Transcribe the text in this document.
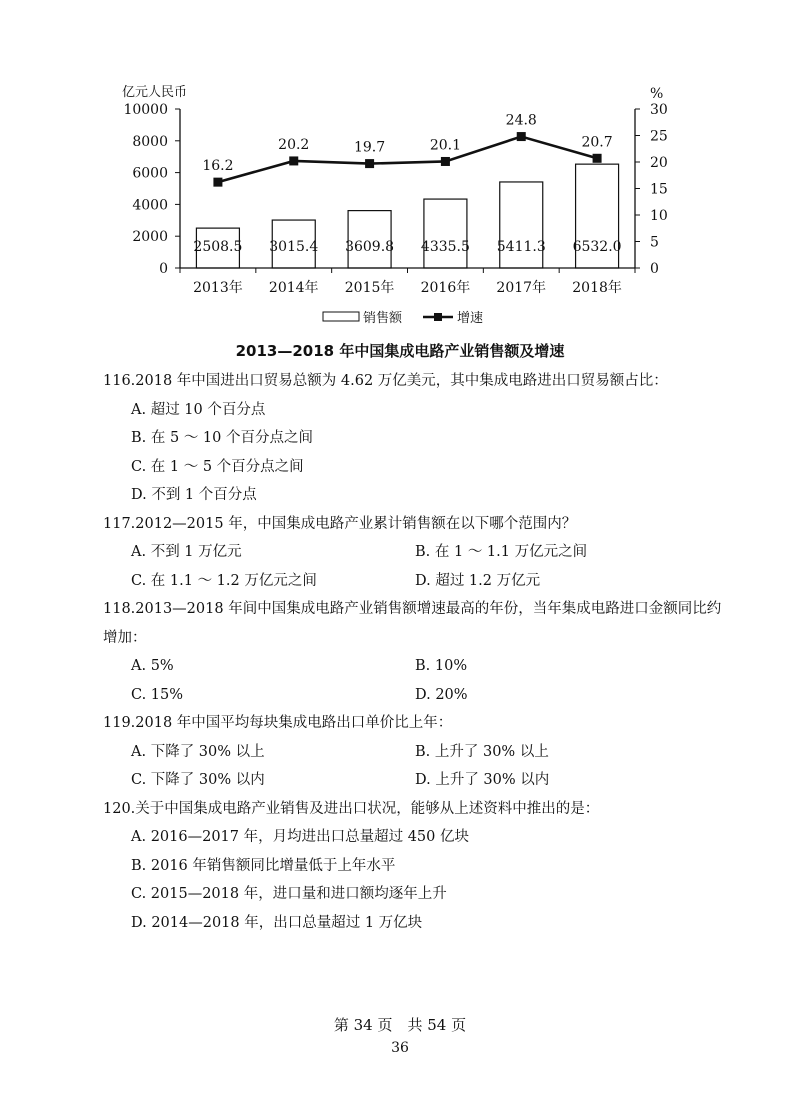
2508.5 3015.4 3609.8 4335.5 5411.3 6532.0
16.2
20.2	19.7	20.1
24.8
20.7
0
2000
4000
6000
8000
10000
0
5
10
15
20
25
30
2013年 2014年 2015年 2016年 2017年 2018年
亿元人民币	%
销售额	增速
2013—2018 年中国集成电路产业销售额及增速
116.2018 年中国进出口贸易总额为 4.62 万亿美元，其中集成电路进出口贸易额占比：
A. 超过 10 个百分点
B. 在 5 ～ 10 个百分点之间
C. 在 1 ～ 5 个百分点之间
D. 不到 1 个百分点
117.2012—2015 年，中国集成电路产业累计销售额在以下哪个范围内？
A. 不到 1 万亿元	B. 在 1 ～ 1.1 万亿元之间
C. 在 1.1 ～ 1.2 万亿元之间	D. 超过 1.2 万亿元
118.2013—2018 年间中国集成电路产业销售额增速最高的年份，当年集成电路进口金额同比约增加：
A. 5%	B. 10%
C. 15%	D. 20%
119.2018 年中国平均每块集成电路出口单价比上年：
A. 下降了 30% 以上	B. 上升了 30% 以上
C. 下降了 30% 以内	D. 上升了 30% 以内
120.关于中国集成电路产业销售及进出口状况，能够从上述资料中推出的是：
A. 2016—2017 年，月均进出口总量超过 450 亿块
B. 2016 年销售额同比增量低于上年水平
C. 2015—2018 年，进口量和进口额均逐年上升
D. 2014—2018 年，出口总量超过 1 万亿块
第 34 页　共 54 页
36
